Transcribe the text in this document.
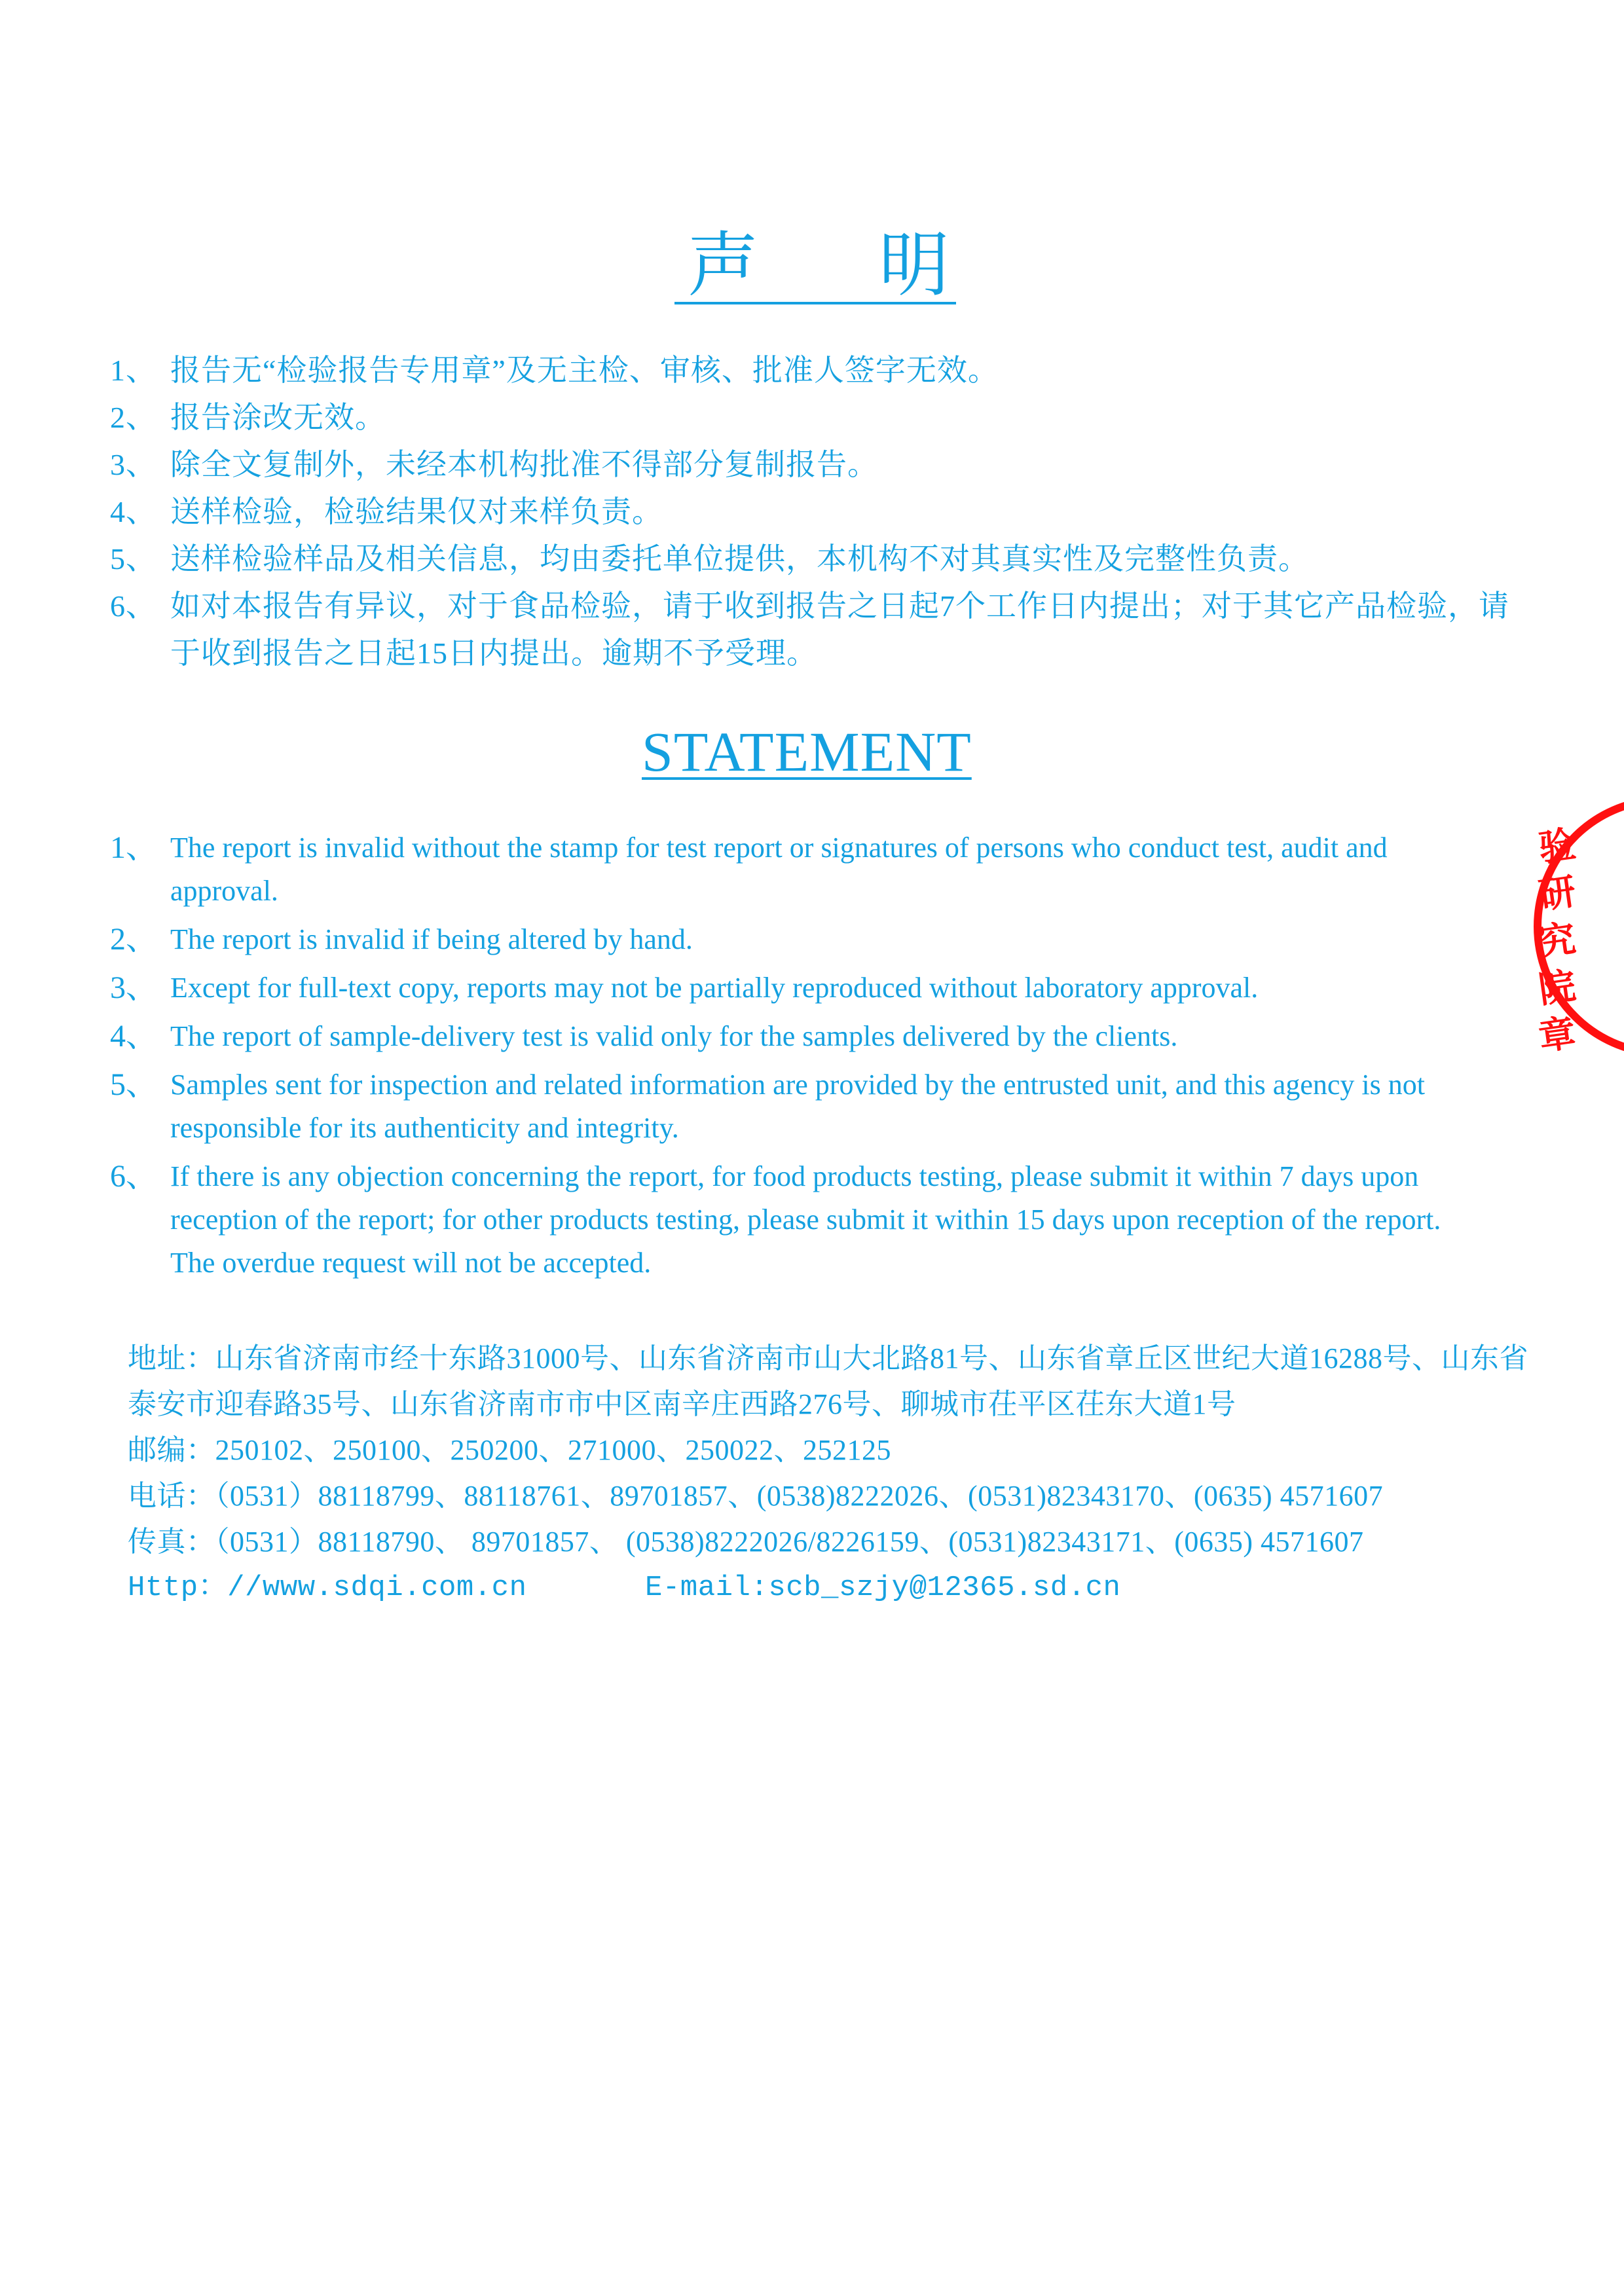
声 明
1、 报告无“检验报告专用章”及无主检、审核、批准人签字无效。
2、 报告涂改无效。
3、 除全文复制外，未经本机构批准不得部分复制报告。
4、 送样检验，检验结果仅对来样负责。
5、 送样检验样品及相关信息，均由委托单位提供，本机构不对其真实性及完整性负责。
6、 如对本报告有异议，对于食品检验，请于收到报告之日起7个工作日内提出；对于其它产品检验，请于收到报告之日起15日内提出。逾期不予受理。
STATEMENT
1、 The report is invalid without the stamp for test report or signatures of persons who conduct test, audit and approval.
2、 The report is invalid if being altered by hand.
3、 Except for full-text copy, reports may not be partially reproduced without laboratory approval.
4、 The report of sample-delivery test is valid only for the samples delivered by the clients.
5、 Samples sent for inspection and related information are provided by the entrusted unit, and this agency is not responsible for its authenticity and integrity.
6、 If there is any objection concerning the report, for food products testing, please submit it within 7 days upon reception of the report; for other products testing, please submit it within 15 days upon reception of the report. The overdue request will not be accepted.
地址：山东省济南市经十东路31000号、山东省济南市山大北路81号、山东省章丘区世纪大道16288号、山东省泰安市迎春路35号、山东省济南市市中区南辛庄西路276号、聊城市茌平区茌东大道1号
邮编：250102、250100、250200、271000、250022、252125
电话：（0531）88118799、88118761、89701857、(0538)8222026、(0531)82343170、(0635) 4571607
传真：（0531）88118790、 89701857、 (0538)8222026/8226159、(0531)82343171、(0635) 4571607
Http：//www.sdqi.com.cn	E-mail:scb_szjy@12365.sd.cn
验
研
究
院
章
